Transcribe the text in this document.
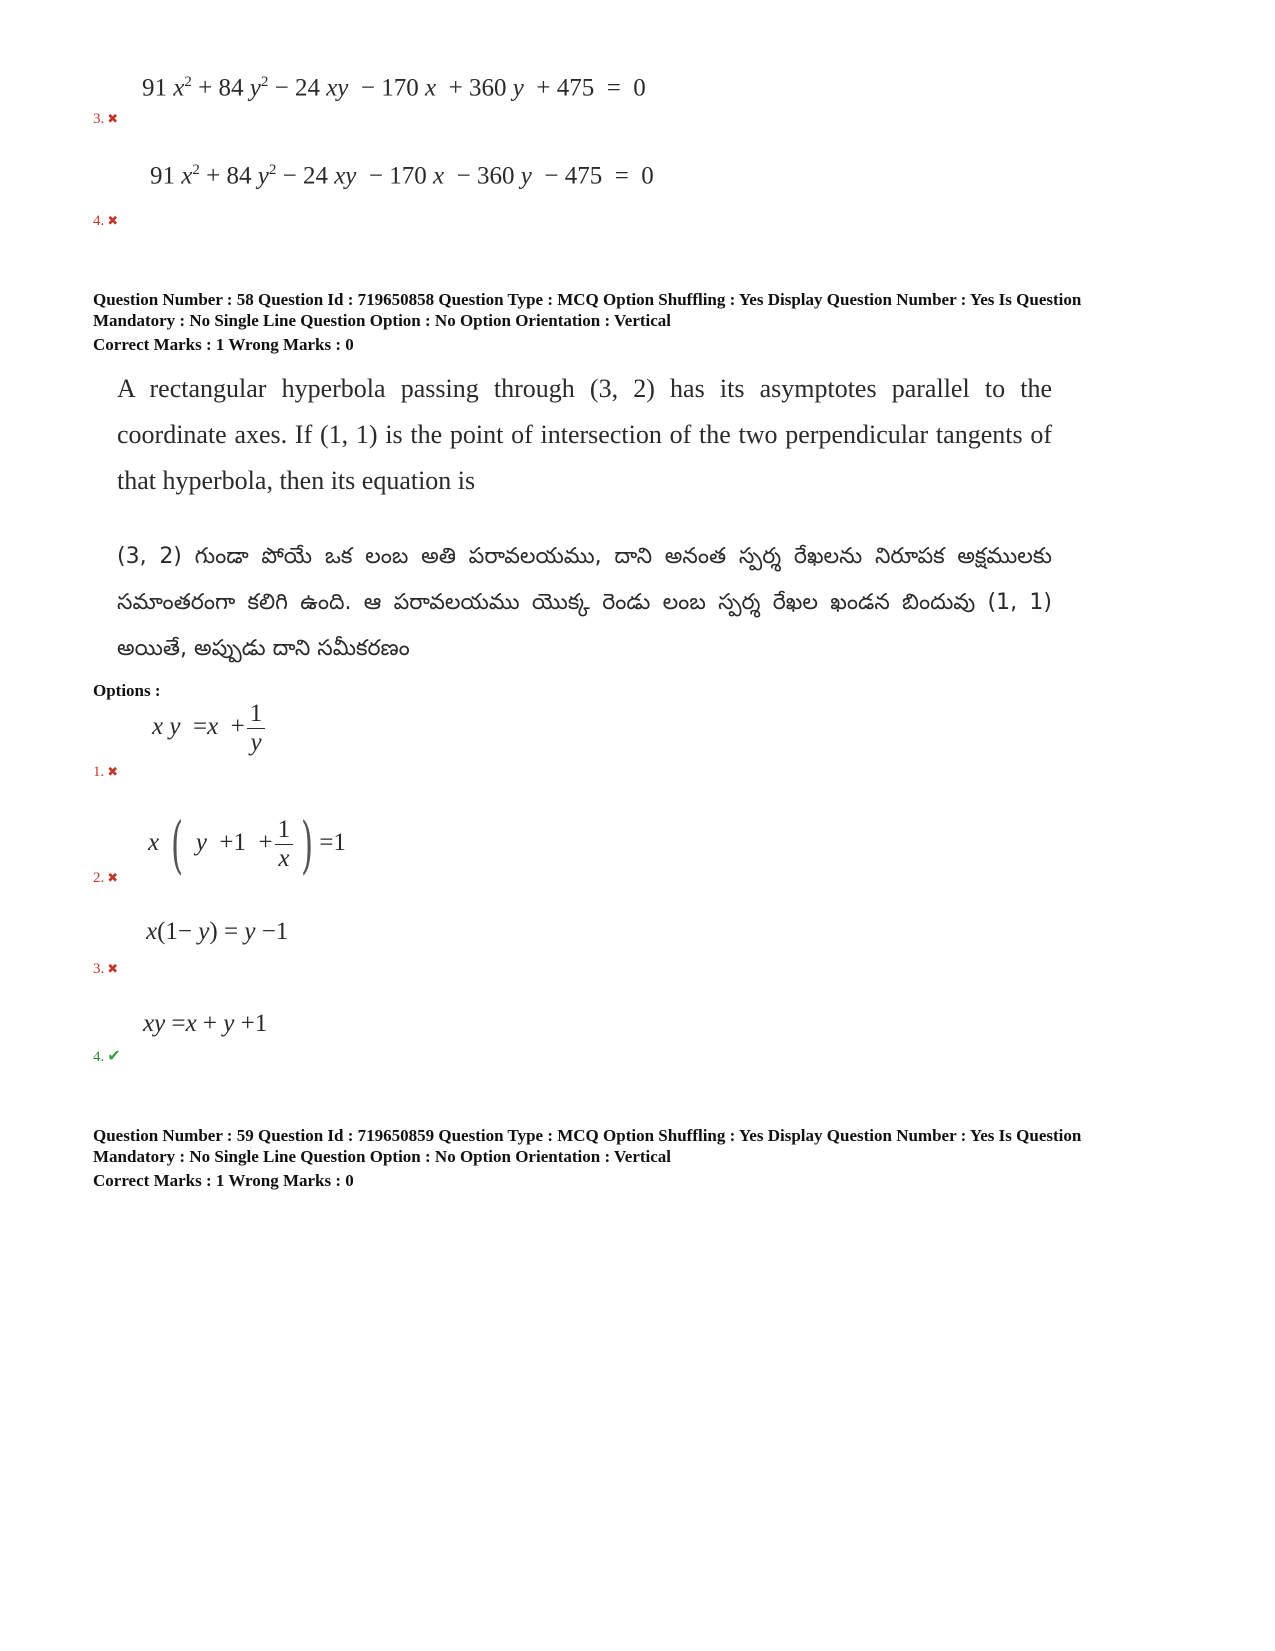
91 $x^2 + 84$ $y^2 - 24$ xy  − 170 x + 360 y + 475  =  0
3. ✖
91 $x^2 + 84$ $y^2 - 24$ xy  − 170 x − 360 y − 475  =  0
4. ✖
Question Number : 58 Question Id : 719650858 Question Type : MCQ Option Shuffling : Yes Display Question Number : Yes Is Question
Mandatory : No Single Line Question Option : No Option Orientation : Vertical
Correct Marks : 1 Wrong Marks : 0
A rectangular hyperbola passing through (3, 2) has its asymptotes parallel to the coordinate axes. If (1, 1) is the point of intersection of the two perpendicular tangents of that hyperbola, then its equation is
(3, 2) గుండా పోయే ఒక లంబ అతి పరావలయము, దాని అనంత స్పర్శ రేఖలను నిరూపక అక్షములకు సమాంతరంగా కలిగి ఉంది. ఆ పరావలయము యొక్క రెండు లంబ స్పర్శ రేఖల ఖండన బిందువు (1, 1) అయితే, అప్పుడు దాని సమీకరణం
Options :
x $y =x + \frac{1}{y}$
1. ✖
x ( $y +1 + \frac{1}{x}$ ) =1
2. ✖
x(1− y) = y −1
3. ✖
xy =x + y +1
4. ✔
Question Number : 59 Question Id : 719650859 Question Type : MCQ Option Shuffling : Yes Display Question Number : Yes Is Question
Mandatory : No Single Line Question Option : No Option Orientation : Vertical
Correct Marks : 1 Wrong Marks : 0
